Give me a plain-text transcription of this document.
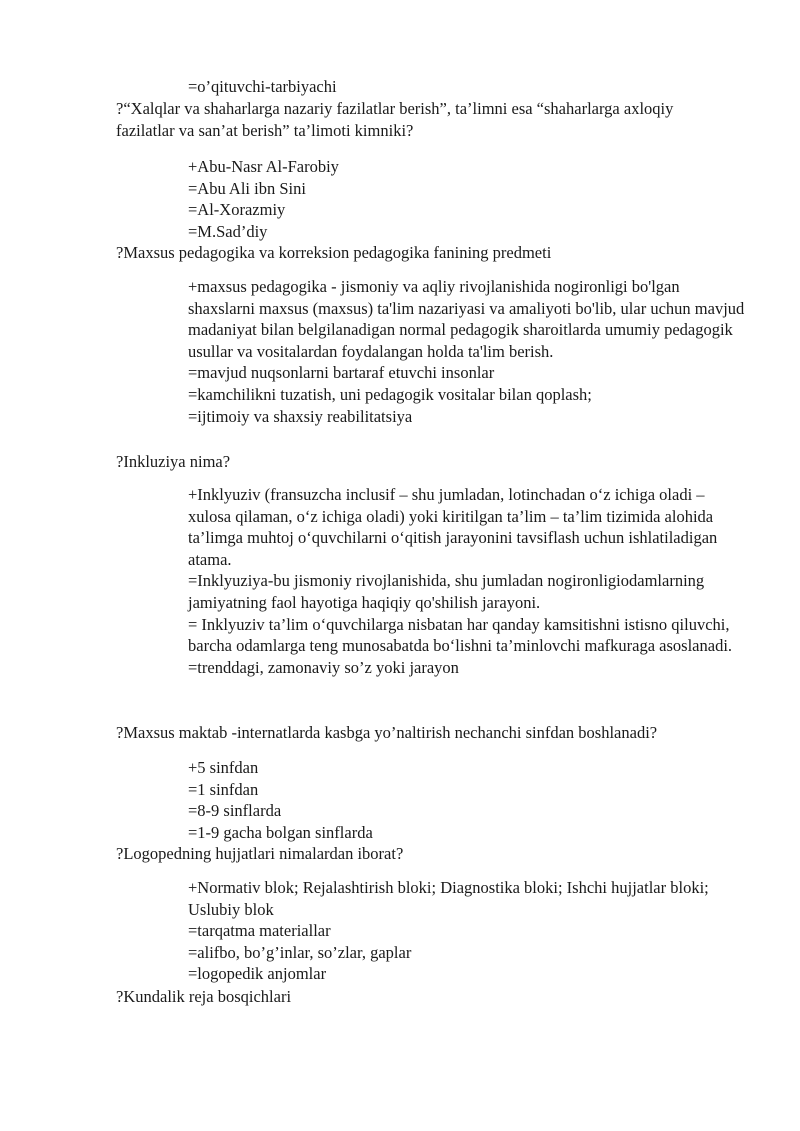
=o’qituvchi-tarbiyachi
?“Xalqlar va shaharlarga nazariy fazilatlar berish”, ta’limni esa “shaharlarga axloqiy fazilatlar va san’at berish” ta’limoti kimniki?
+Abu-Nasr Al-Farobiy
=Abu Ali ibn Sini
=Al-Xorazmiy
=M.Sad’diy
?Maxsus pedagogika va korreksion pedagogika fanining predmeti
+maxsus pedagogika - jismoniy va aqliy rivojlanishida nogironligi bo'lgan shaxslarni maxsus (maxsus) ta'lim nazariyasi va amaliyoti bo'lib, ular uchun mavjud madaniyat bilan belgilanadigan normal pedagogik sharoitlarda umumiy pedagogik usullar va vositalardan foydalangan holda ta'lim berish.
=mavjud nuqsonlarni bartaraf etuvchi insonlar
=kamchilikni tuzatish, uni pedagogik vositalar bilan qoplash;
=ijtimoiy va shaxsiy reabilitatsiya
?Inkluziya nima?
+Inklyuziv (fransuzcha inclusif – shu jumladan, lotinchadan o‘z ichiga oladi – xulosa qilaman, o‘z ichiga oladi) yoki kiritilgan ta’lim – ta’lim tizimida alohida ta’limga muhtoj o‘quvchilarni o‘qitish jarayonini tavsiflash uchun ishlatiladigan atama.
=Inklyuziya-bu jismoniy rivojlanishida, shu jumladan nogironligiodamlarning jamiyatning faol hayotiga haqiqiy qo'shilish jarayoni.
= Inklyuziv ta’lim o‘quvchilarga nisbatan har qanday kamsitishni istisno qiluvchi, barcha odamlarga teng munosabatda bo‘lishni ta’minlovchi mafkuraga asoslanadi.
=trenddagi, zamonaviy so’z yoki jarayon
?Maxsus maktab -internatlarda kasbga yo’naltirish nechanchi sinfdan boshlanadi?
+5 sinfdan
=1 sinfdan
=8-9 sinflarda
=1-9 gacha bolgan sinflarda
?Logopedning hujjatlari nimalardan iborat?
+Normativ blok; Rejalashtirish bloki; Diagnostika bloki; Ishchi hujjatlar bloki; Uslubiy blok
=tarqatma materiallar
=alifbo, bo’g’inlar, so’zlar, gaplar
=logopedik anjomlar
?Kundalik reja bosqichlari
